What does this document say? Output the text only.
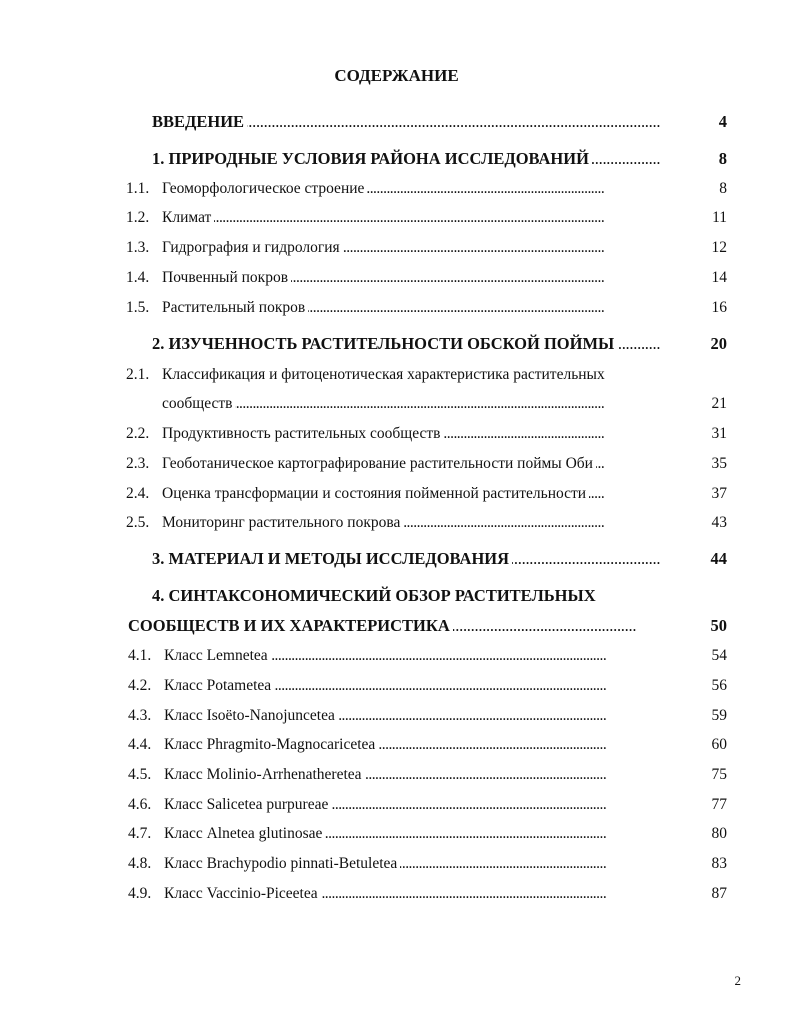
СОДЕРЖАНИЕ
ВВЕДЕНИЕ . . .	4
1. ПРИРОДНЫЕ УСЛОВИЯ РАЙОНА ИССЛЕДОВАНИЙ . . .	8
1.1. Геоморфологическое строение . . .	8
1.2. Климат . . .	11
1.3. Гидрография и гидрология . . .	12
1.4. Почвенный покров . . .	14
1.5. Растительный покров . . .	16
2. ИЗУЧЕННОСТЬ РАСТИТЕЛЬНОСТИ ОБСКОЙ ПОЙМЫ . . .	20
2.1. Классификация и фитоценотическая характеристика растительных
сообществ . . .	21
2.2. Продуктивность растительных сообществ . . .	31
2.3. Геоботаническое картографирование растительности поймы Оби . . .	35
2.4. Оценка трансформации и состояния пойменной растительности . . .	37
2.5. Мониторинг растительного покрова . . .	43
3. МАТЕРИАЛ И МЕТОДЫ ИССЛЕДОВАНИЯ . . .	44
4. СИНТАКСОНОМИЧЕСКИЙ ОБЗОР РАСТИТЕЛЬНЫХ
СООБЩЕСТВ И ИХ ХАРАКТЕРИСТИКА . . .	50
4.1. Класс Lemnetea . . .	54
4.2. Класс Potametea . . .	56
4.3. Класс Isoëto-Nanojuncetea . . .	59
4.4. Класс Phragmito-Magnocaricetea . . .	60
4.5. Класс Molinio-Arrhenatheretea . . .	75
4.6. Класс Salicetea purpureae . . .	77
4.7. Класс Alnetea glutinosae . . .	80
4.8. Класс Brachypodio pinnati-Betuletea . . .	83
4.9. Класс Vaccinio-Piceetea . . .	87
2
